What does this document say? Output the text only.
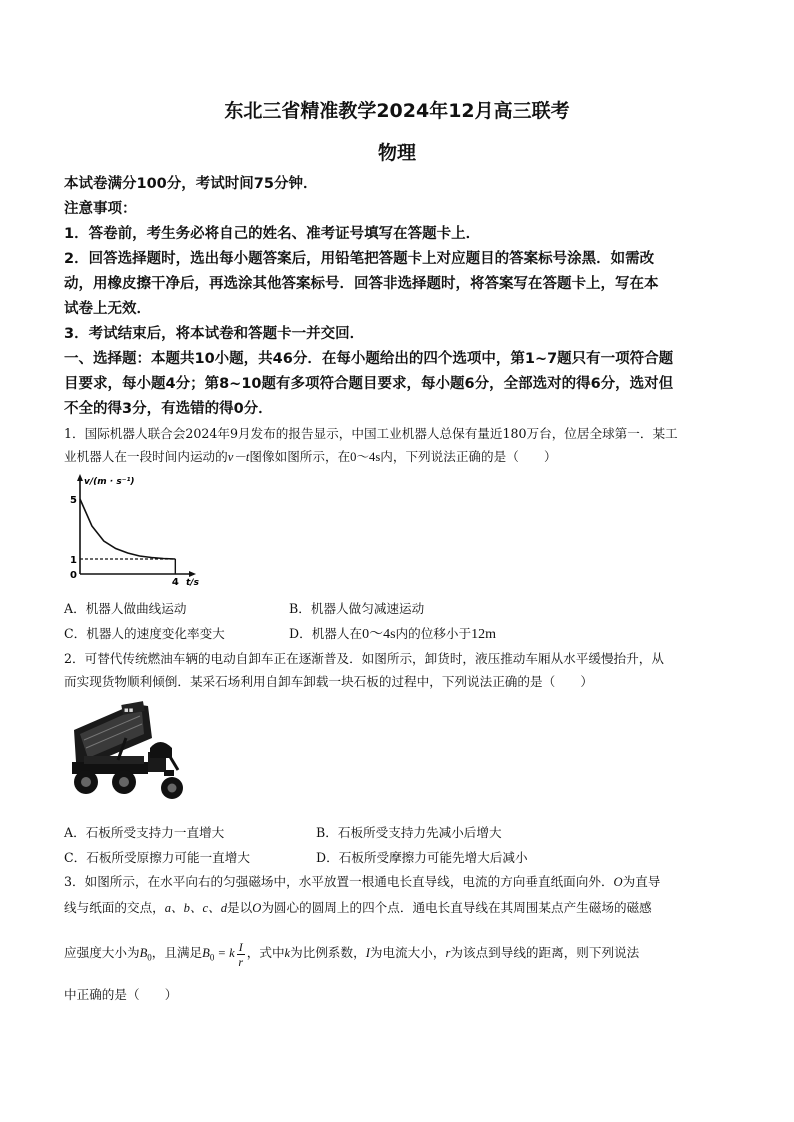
东北三省精准教学2024年12月高三联考
物理
本试卷满分100分，考试时间75分钟．
注意事项：
1．答卷前，考生务必将自己的姓名、准考证号填写在答题卡上．
2．回答选择题时，选出每小题答案后，用铅笔把答题卡上对应题目的答案标号涂黑．如需改
动，用橡皮擦干净后，再选涂其他答案标号．回答非选择题时，将答案写在答题卡上，写在本
试卷上无效．
3．考试结束后，将本试卷和答题卡一并交回．
一、选择题：本题共10小题，共46分．在每小题给出的四个选项中，第1~7题只有一项符合题
目要求，每小题4分；第8~10题有多项符合题目要求，每小题6分，全部选对的得6分，选对但
不全的得3分，有选错的得0分．
1．国际机器人联合会2024年9月发布的报告显示，中国工业机器人总保有量近180万台，位居全球第一．某工
业机器人在一段时间内运动的v－t图像如图所示，在0～4s内，下列说法正确的是（　　）
v/(m · s⁻¹)
t/s
5
1
4
0
A．机器人做曲线运动	B．机器人做匀减速运动
C．机器人的速度变化率变大	D．机器人在0～4s内的位移小于12m
2．可替代传统燃油车辆的电动自卸车正在逐渐普及．如图所示，卸货时，液压推动车厢从水平缓慢抬升，从
而实现货物顺利倾倒．某采石场利用自卸车卸载一块石板的过程中，下列说法正确的是（　　）
▪▪
A．石板所受支持力一直增大	B．石板所受支持力先减小后增大
C．石板所受原擦力可能一直增大	D．石板所受摩擦力可能先增大后减小
3．如图所示，在水平向右的匀强磁场中，水平放置一根通电长直导线，电流的方向垂直纸面向外．O为直导
线与纸面的交点，a、b、c、d是以O为圆心的圆周上的四个点．通电长直导线在其周围某点产生磁场的磁感
应强度大小为$B_0$，且满足$B_0 = k \frac{I}{r}$ ，式中k为比例系数，I为电流大小，r为该点到导线的距离，则下列说法
中正确的是（　　）
